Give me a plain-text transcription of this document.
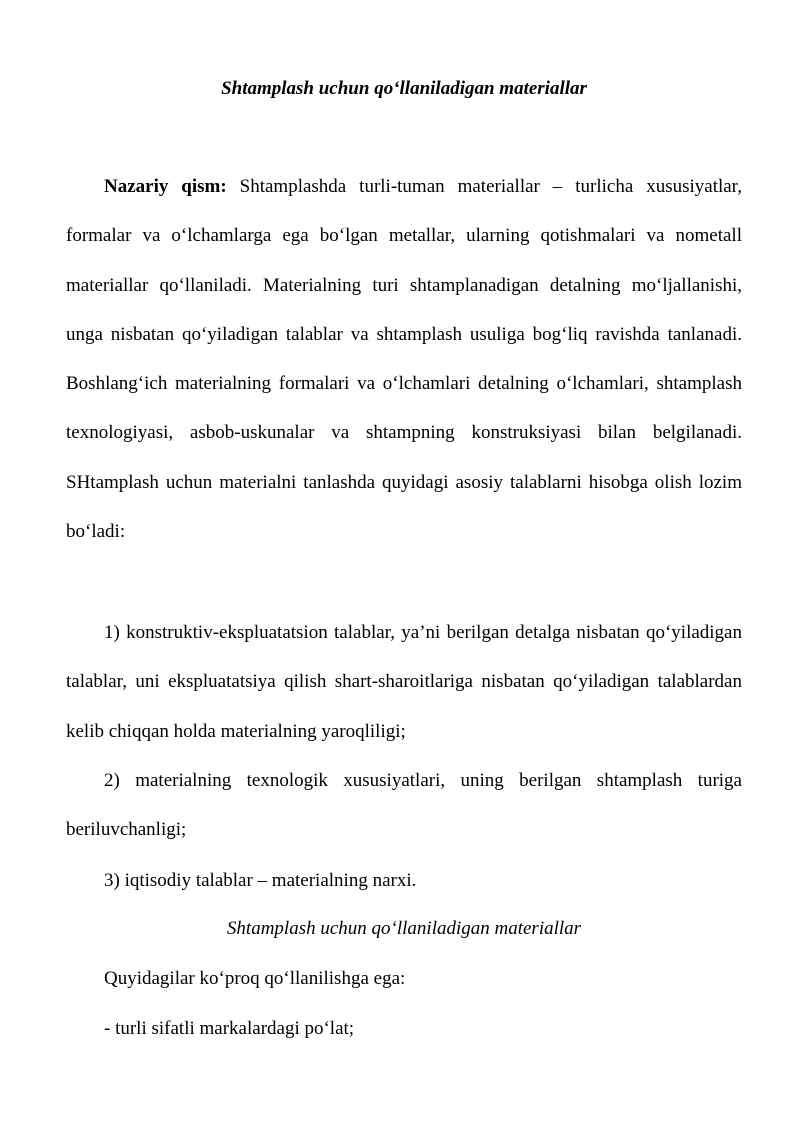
Shtamplash uchun qo‘llaniladigan materiallar

Nazariy qism: Shtamplashda turli-tuman materiallar – turlicha xususiyatlar, formalar va o‘lchamlarga ega bo‘lgan metallar, ularning qotishmalari va nometall materiallar qo‘llaniladi. Materialning turi shtamplanadigan detalning mo‘ljallanishi, unga nisbatan qo‘yiladigan talablar va shtamplash usuliga bog‘liq ravishda tanlanadi. Boshlang‘ich materialning formalari va o‘lchamlari detalning o‘lchamlari, shtamplash texnologiyasi, asbob-uskunalar va shtampning konstruksiyasi bilan belgilanadi. SHtamplash uchun materialni tanlashda quyidagi asosiy talablarni hisobga olish lozim bo‘ladi:

1) konstruktiv-ekspluatatsion talablar, ya’ni berilgan detalga nisbatan qo‘yiladigan talablar, uni ekspluatatsiya qilish shart-sharoitlariga nisbatan qo‘yiladigan talablardan kelib chiqqan holda materialning yaroqliligi;

2) materialning texnologik xususiyatlari, uning berilgan shtamplash turiga beriluvchanligi;

3) iqtisodiy talablar – materialning narxi.
Shtamplash uchun qo‘llaniladigan materiallar
Quyidagilar ko‘proq qo‘llanilishga ega:
- turli sifatli markalardagi po‘lat;
